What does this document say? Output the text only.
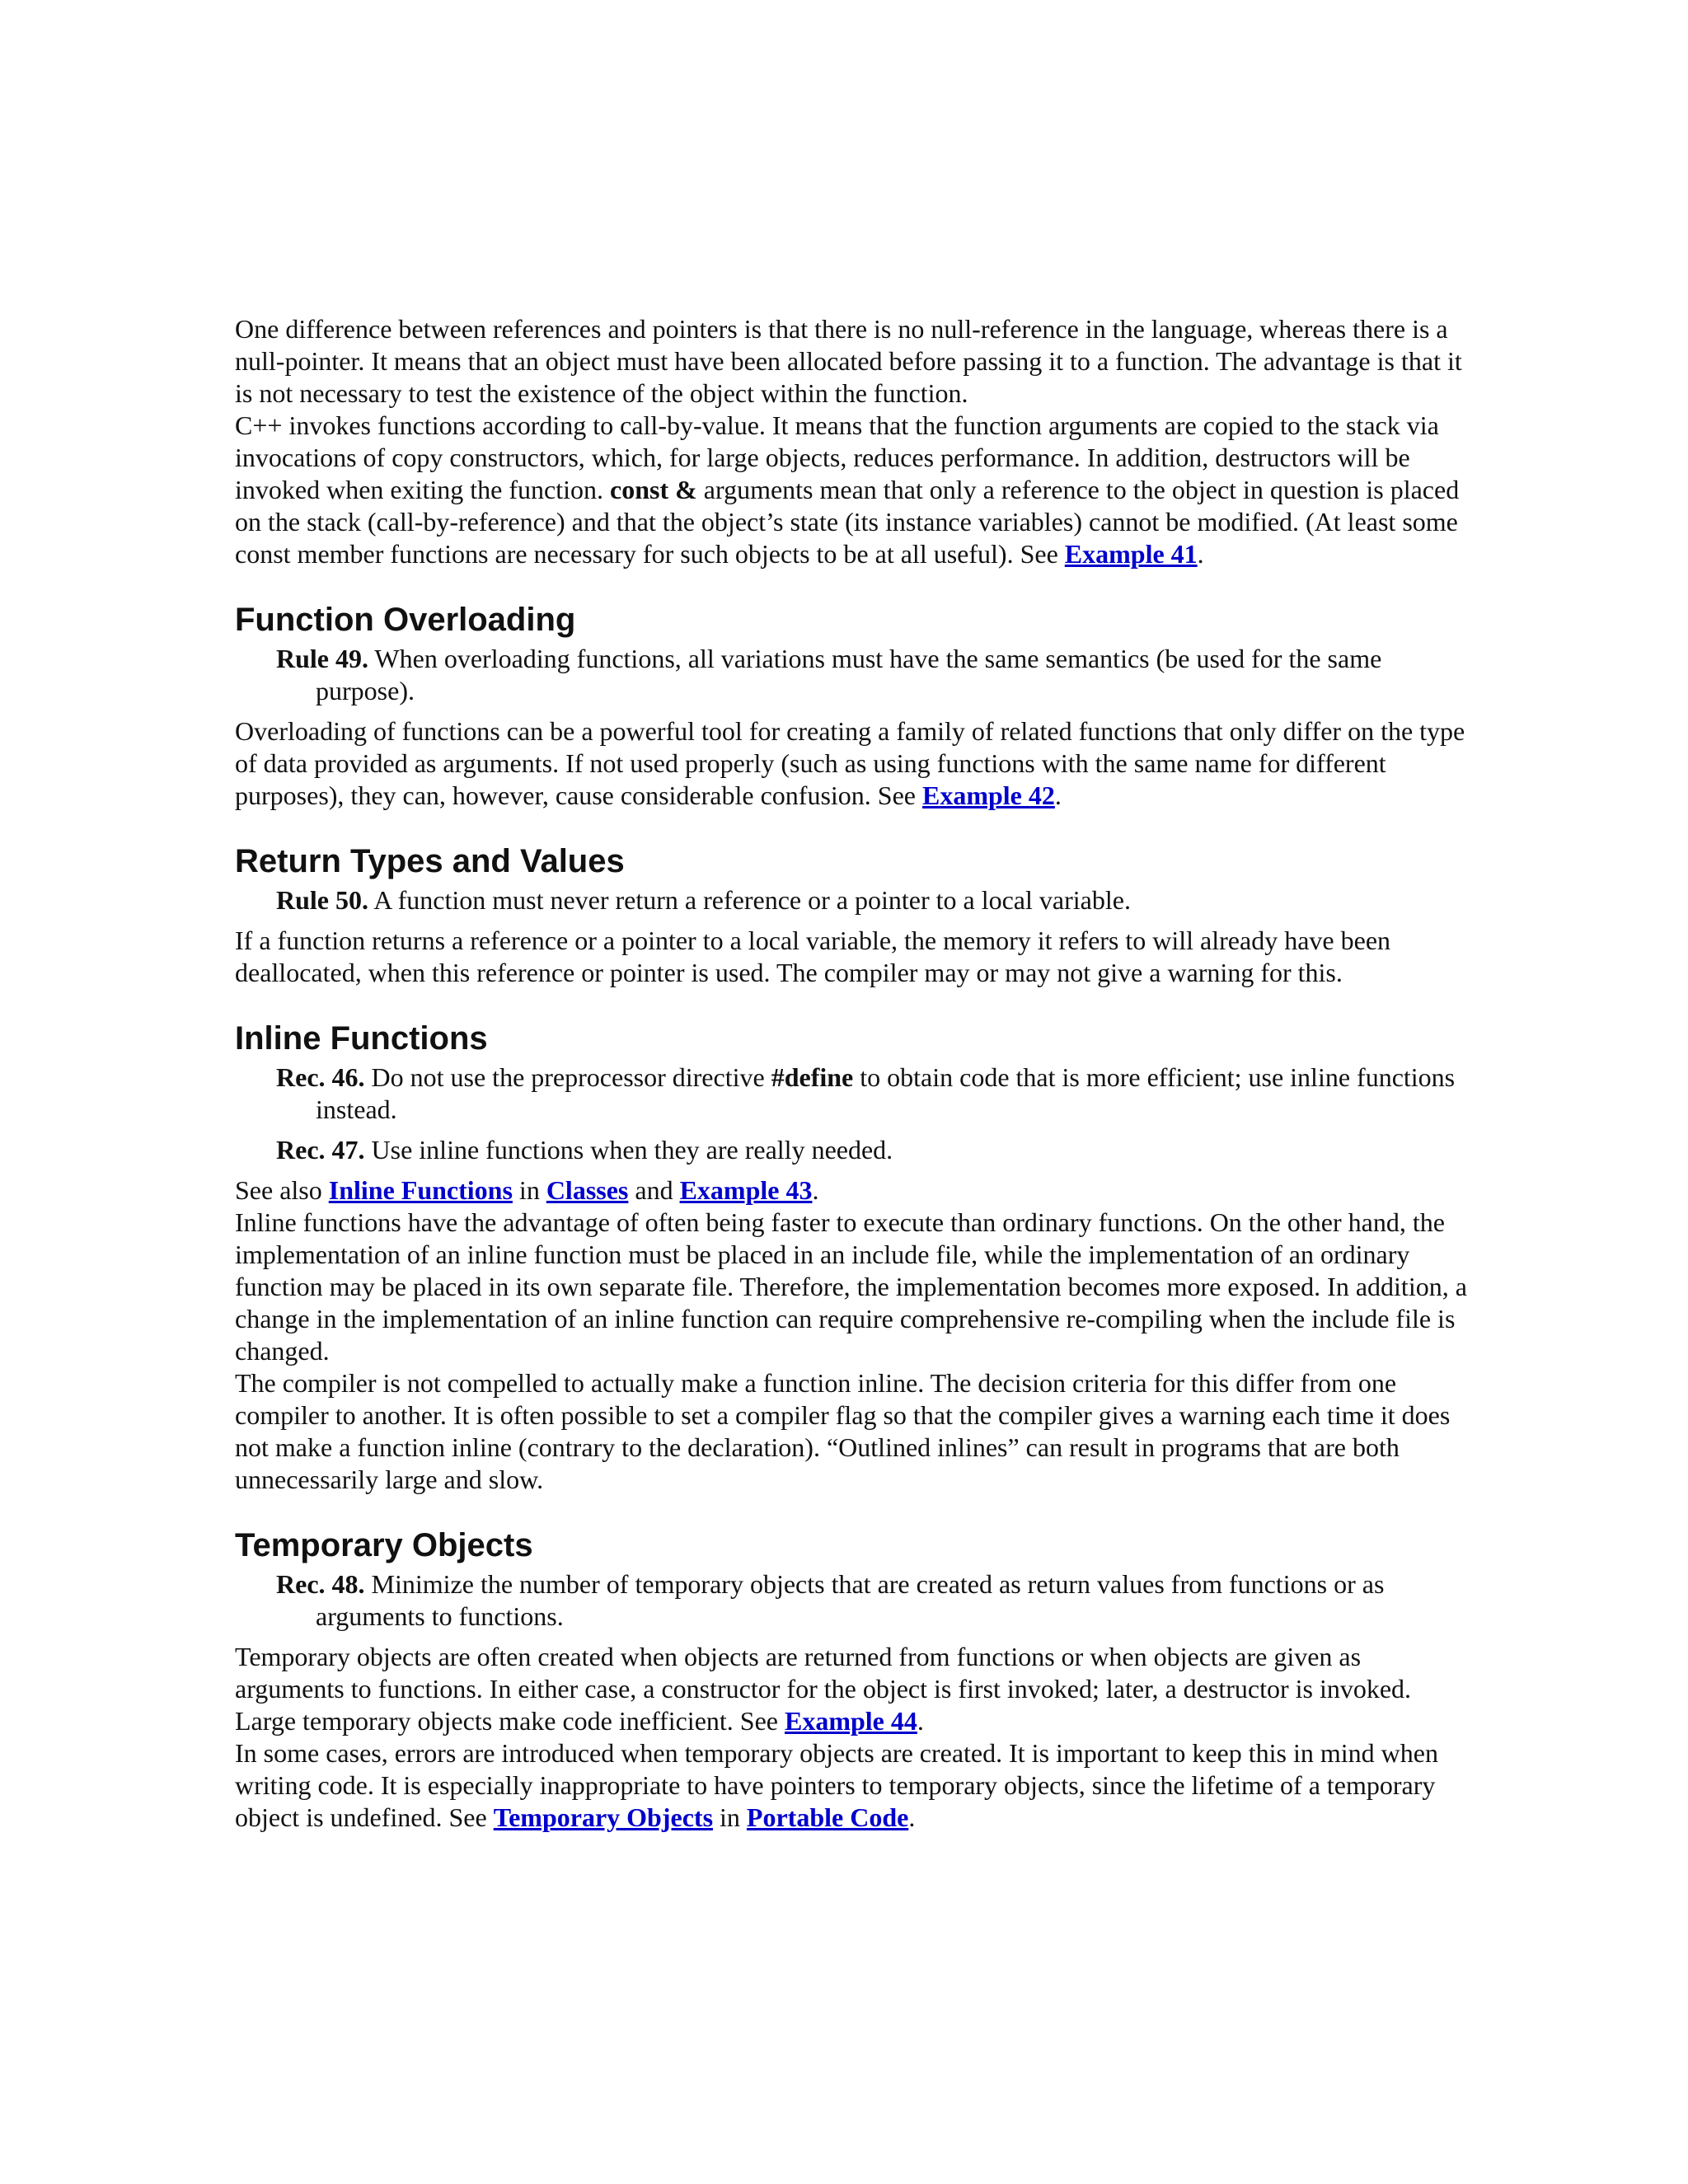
One difference between references and pointers is that there is no null-reference in the language, whereas there is a null-pointer. It means that an object must have been allocated before passing it to a function. The advantage is that it is not necessary to test the existence of the object within the function.

C++ invokes functions according to call-by-value. It means that the function arguments are copied to the stack via invocations of copy constructors, which, for large objects, reduces performance. In addition, destructors will be invoked when exiting the function. const & arguments mean that only a reference to the object in question is placed on the stack (call-by-reference) and that the object’s state (its instance variables) cannot be modified. (At least some const member functions are necessary for such objects to be at all useful). See Example 41.

Function Overloading

Rule 49. When overloading functions, all variations must have the same semantics (be used for the same purpose).

Overloading of functions can be a powerful tool for creating a family of related functions that only differ on the type of data provided as arguments. If not used properly (such as using functions with the same name for different purposes), they can, however, cause considerable confusion. See Example 42.

Return Types and Values

Rule 50. A function must never return a reference or a pointer to a local variable.

If a function returns a reference or a pointer to a local variable, the memory it refers to will already have been deallocated, when this reference or pointer is used. The compiler may or may not give a warning for this.

Inline Functions

Rec. 46. Do not use the preprocessor directive #define to obtain code that is more efficient; use inline functions instead.

Rec. 47. Use inline functions when they are really needed.

See also Inline Functions in Classes and Example 43.

Inline functions have the advantage of often being faster to execute than ordinary functions. On the other hand, the implementation of an inline function must be placed in an include file, while the implementation of an ordinary function may be placed in its own separate file. Therefore, the implementation becomes more exposed. In addition, a change in the implementation of an inline function can require comprehensive re-compiling when the include file is changed.

The compiler is not compelled to actually make a function inline. The decision criteria for this differ from one compiler to another. It is often possible to set a compiler flag so that the compiler gives a warning each time it does not make a function inline (contrary to the declaration). “Outlined inlines” can result in programs that are both unnecessarily large and slow.

Temporary Objects

Rec. 48. Minimize the number of temporary objects that are created as return values from functions or as arguments to functions.

Temporary objects are often created when objects are returned from functions or when objects are given as arguments to functions. In either case, a constructor for the object is first invoked; later, a destructor is invoked. Large temporary objects make code inefficient. See Example 44.

In some cases, errors are introduced when temporary objects are created. It is important to keep this in mind when writing code. It is especially inappropriate to have pointers to temporary objects, since the lifetime of a temporary object is undefined. See Temporary Objects in Portable Code.
